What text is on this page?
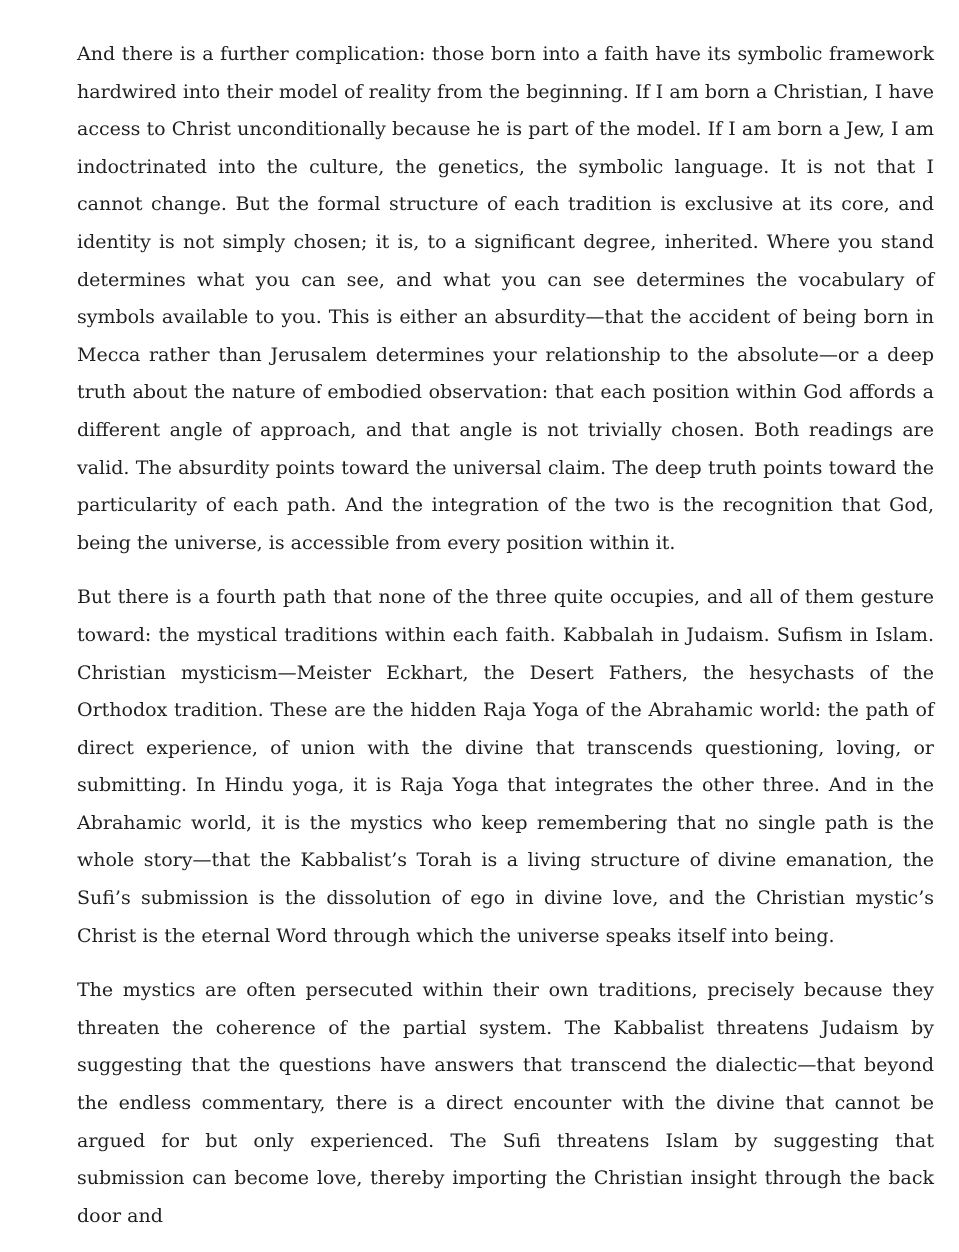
And there is a further complication: those born into a faith have its symbolic framework hardwired into their model of reality from the beginning. If I am born a Christian, I have access to Christ unconditionally because he is part of the model. If I am born a Jew, I am indoctrinated into the culture, the genetics, the symbolic language. It is not that I cannot change. But the formal structure of each tradition is exclusive at its core, and identity is not simply chosen; it is, to a significant degree, inherited. Where you stand determines what you can see, and what you can see determines the vocabulary of symbols available to you. This is either an absurdity—that the accident of being born in Mecca rather than Jerusalem determines your relationship to the absolute—or a deep truth about the nature of embodied observation: that each position within God affords a different angle of approach, and that angle is not trivially chosen. Both readings are valid. The absurdity points toward the universal claim. The deep truth points toward the particularity of each path. And the integration of the two is the recognition that God, being the universe, is accessible from every position within it.

But there is a fourth path that none of the three quite occupies, and all of them gesture toward: the mystical traditions within each faith. Kabbalah in Judaism. Sufism in Islam. Christian mysticism—Meister Eckhart, the Desert Fathers, the hesychasts of the Orthodox tradition. These are the hidden Raja Yoga of the Abrahamic world: the path of direct experience, of union with the divine that transcends questioning, loving, or submitting. In Hindu yoga, it is Raja Yoga that integrates the other three. And in the Abrahamic world, it is the mystics who keep remembering that no single path is the whole story—that the Kabbalist’s Torah is a living structure of divine emanation, the Sufi’s submission is the dissolution of ego in divine love, and the Christian mystic’s Christ is the eternal Word through which the universe speaks itself into being.

The mystics are often persecuted within their own traditions, precisely because they threaten the coherence of the partial system. The Kabbalist threatens Judaism by suggesting that the questions have answers that transcend the dialectic—that beyond the endless commentary, there is a direct encounter with the divine that cannot be argued for but only experienced. The Sufi threatens Islam by suggesting that submission can become love, thereby importing the Christian insight through the back door and
